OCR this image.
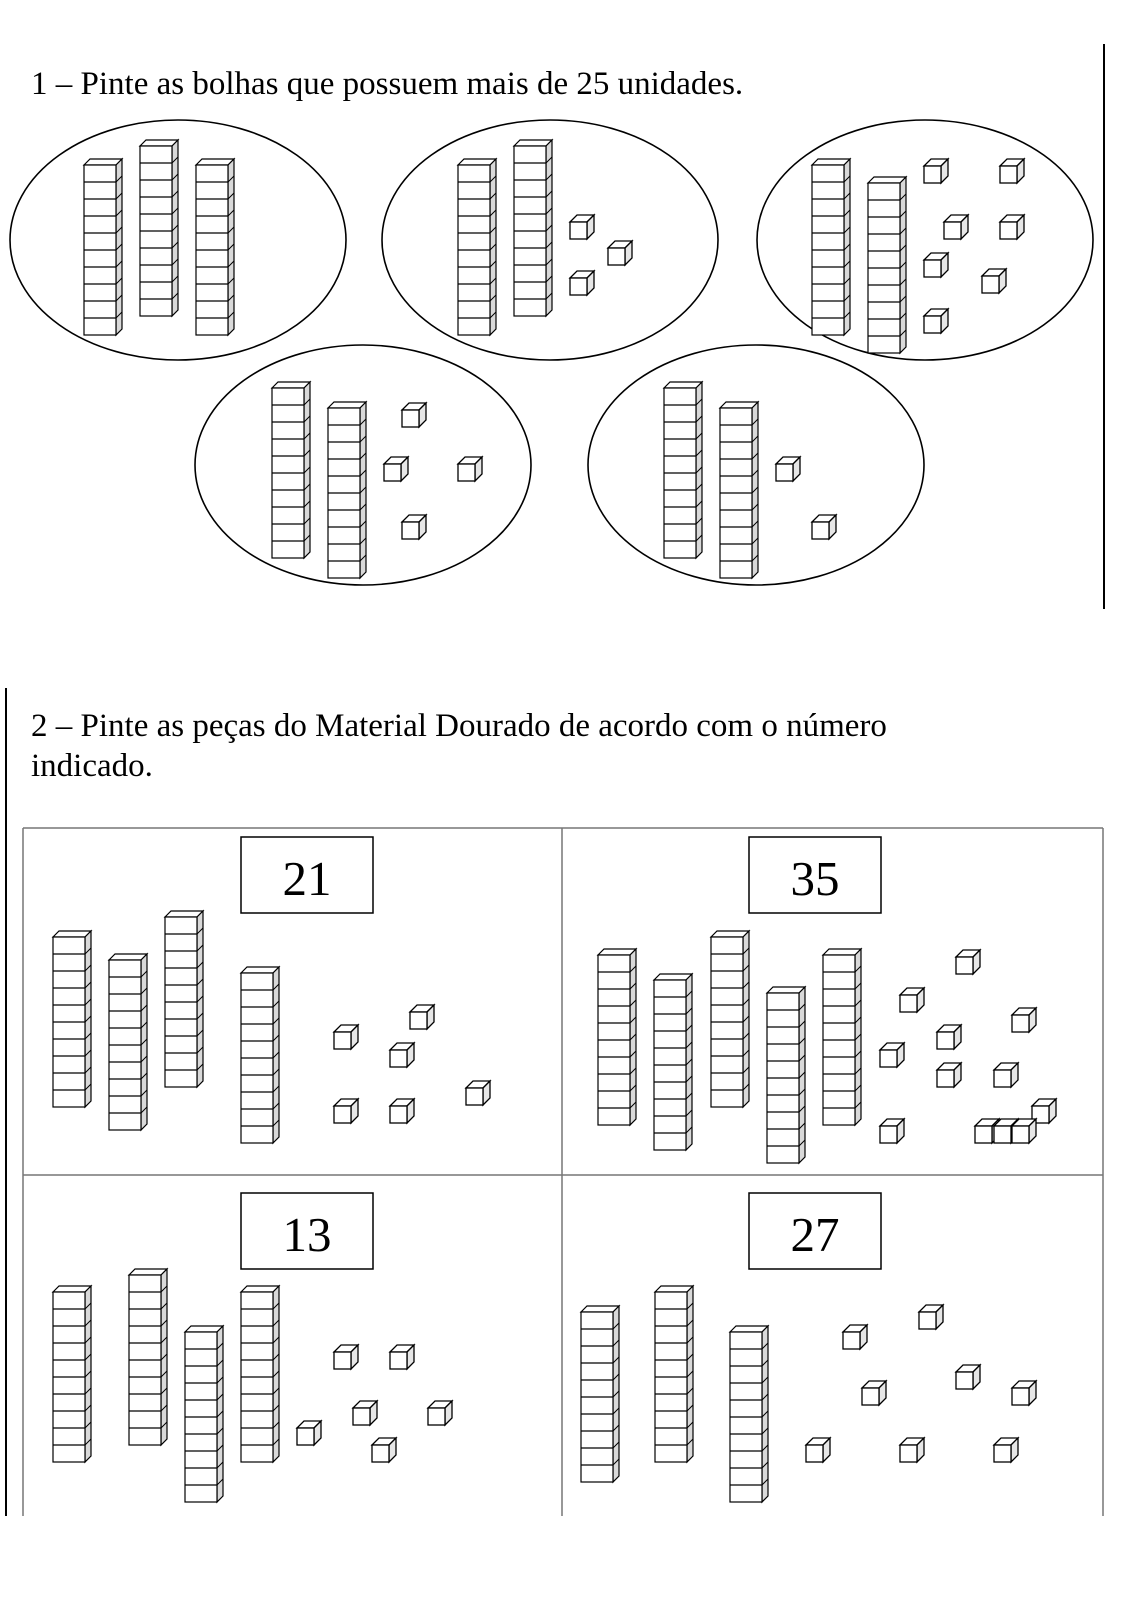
1 – Pinte as bolhas que possuem mais de 25 unidades.
2 – Pinte as peças do Material Dourado de acordo com o número
indicado.
21	35
13	27
